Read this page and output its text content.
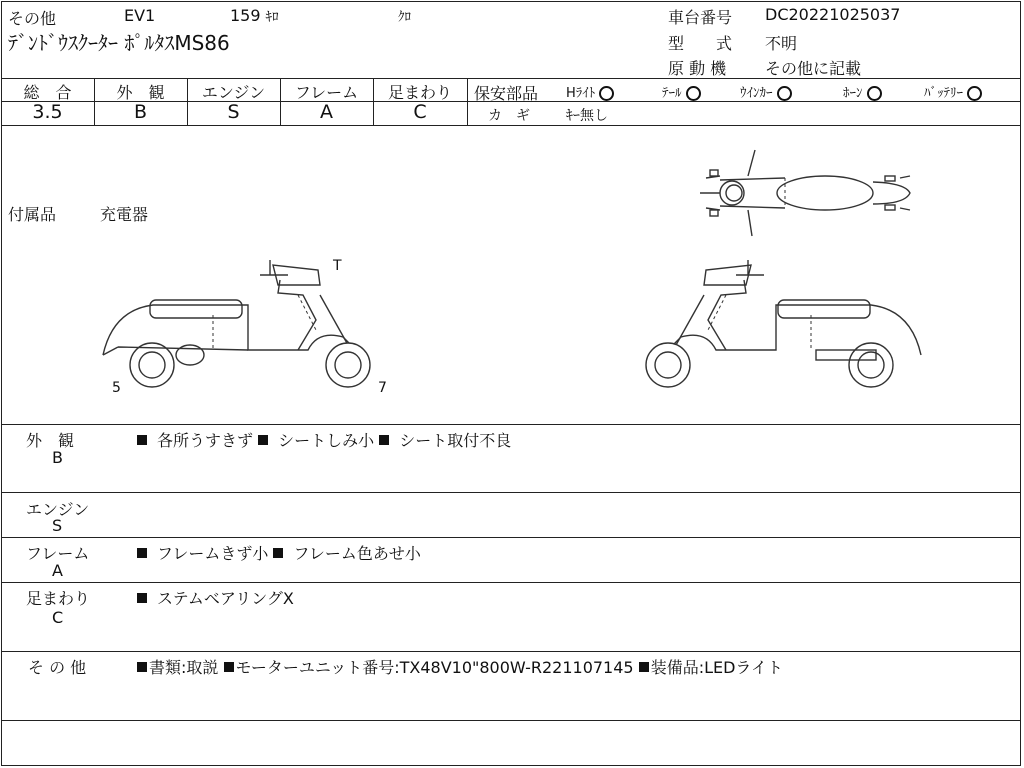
その他	EV1	159 ｷﾛ	ｸﾛ
ﾃﾞﾝﾄﾞｳｽｸｰﾀｰ ﾎﾟﾙﾀｽMS86
車台番号 DC20221025037
型　　式 不明
原 動 機 その他に記載
総　合	外　観	エンジン	フレーム	足まわり
3.5	B	S	A	C
保安部品 Hﾗｲﾄ	ﾃｰﾙ	ｳｲﾝｶｰ	ﾎｰﾝ	ﾊﾞｯﾃﾘｰ
カ　ギ	ｷｰ無し
付属品	充電器
T
5	7
外　観
B
各所うすきず シートしみ小 シート取付不良
エンジン
S
フレーム
A
フレームきず小 フレーム色あせ小
足まわり
C
ステムベアリングX
そ の 他	書類:取説 モーターユニット番号:TX48V10"800W-R221107145 装備品:LEDライト
